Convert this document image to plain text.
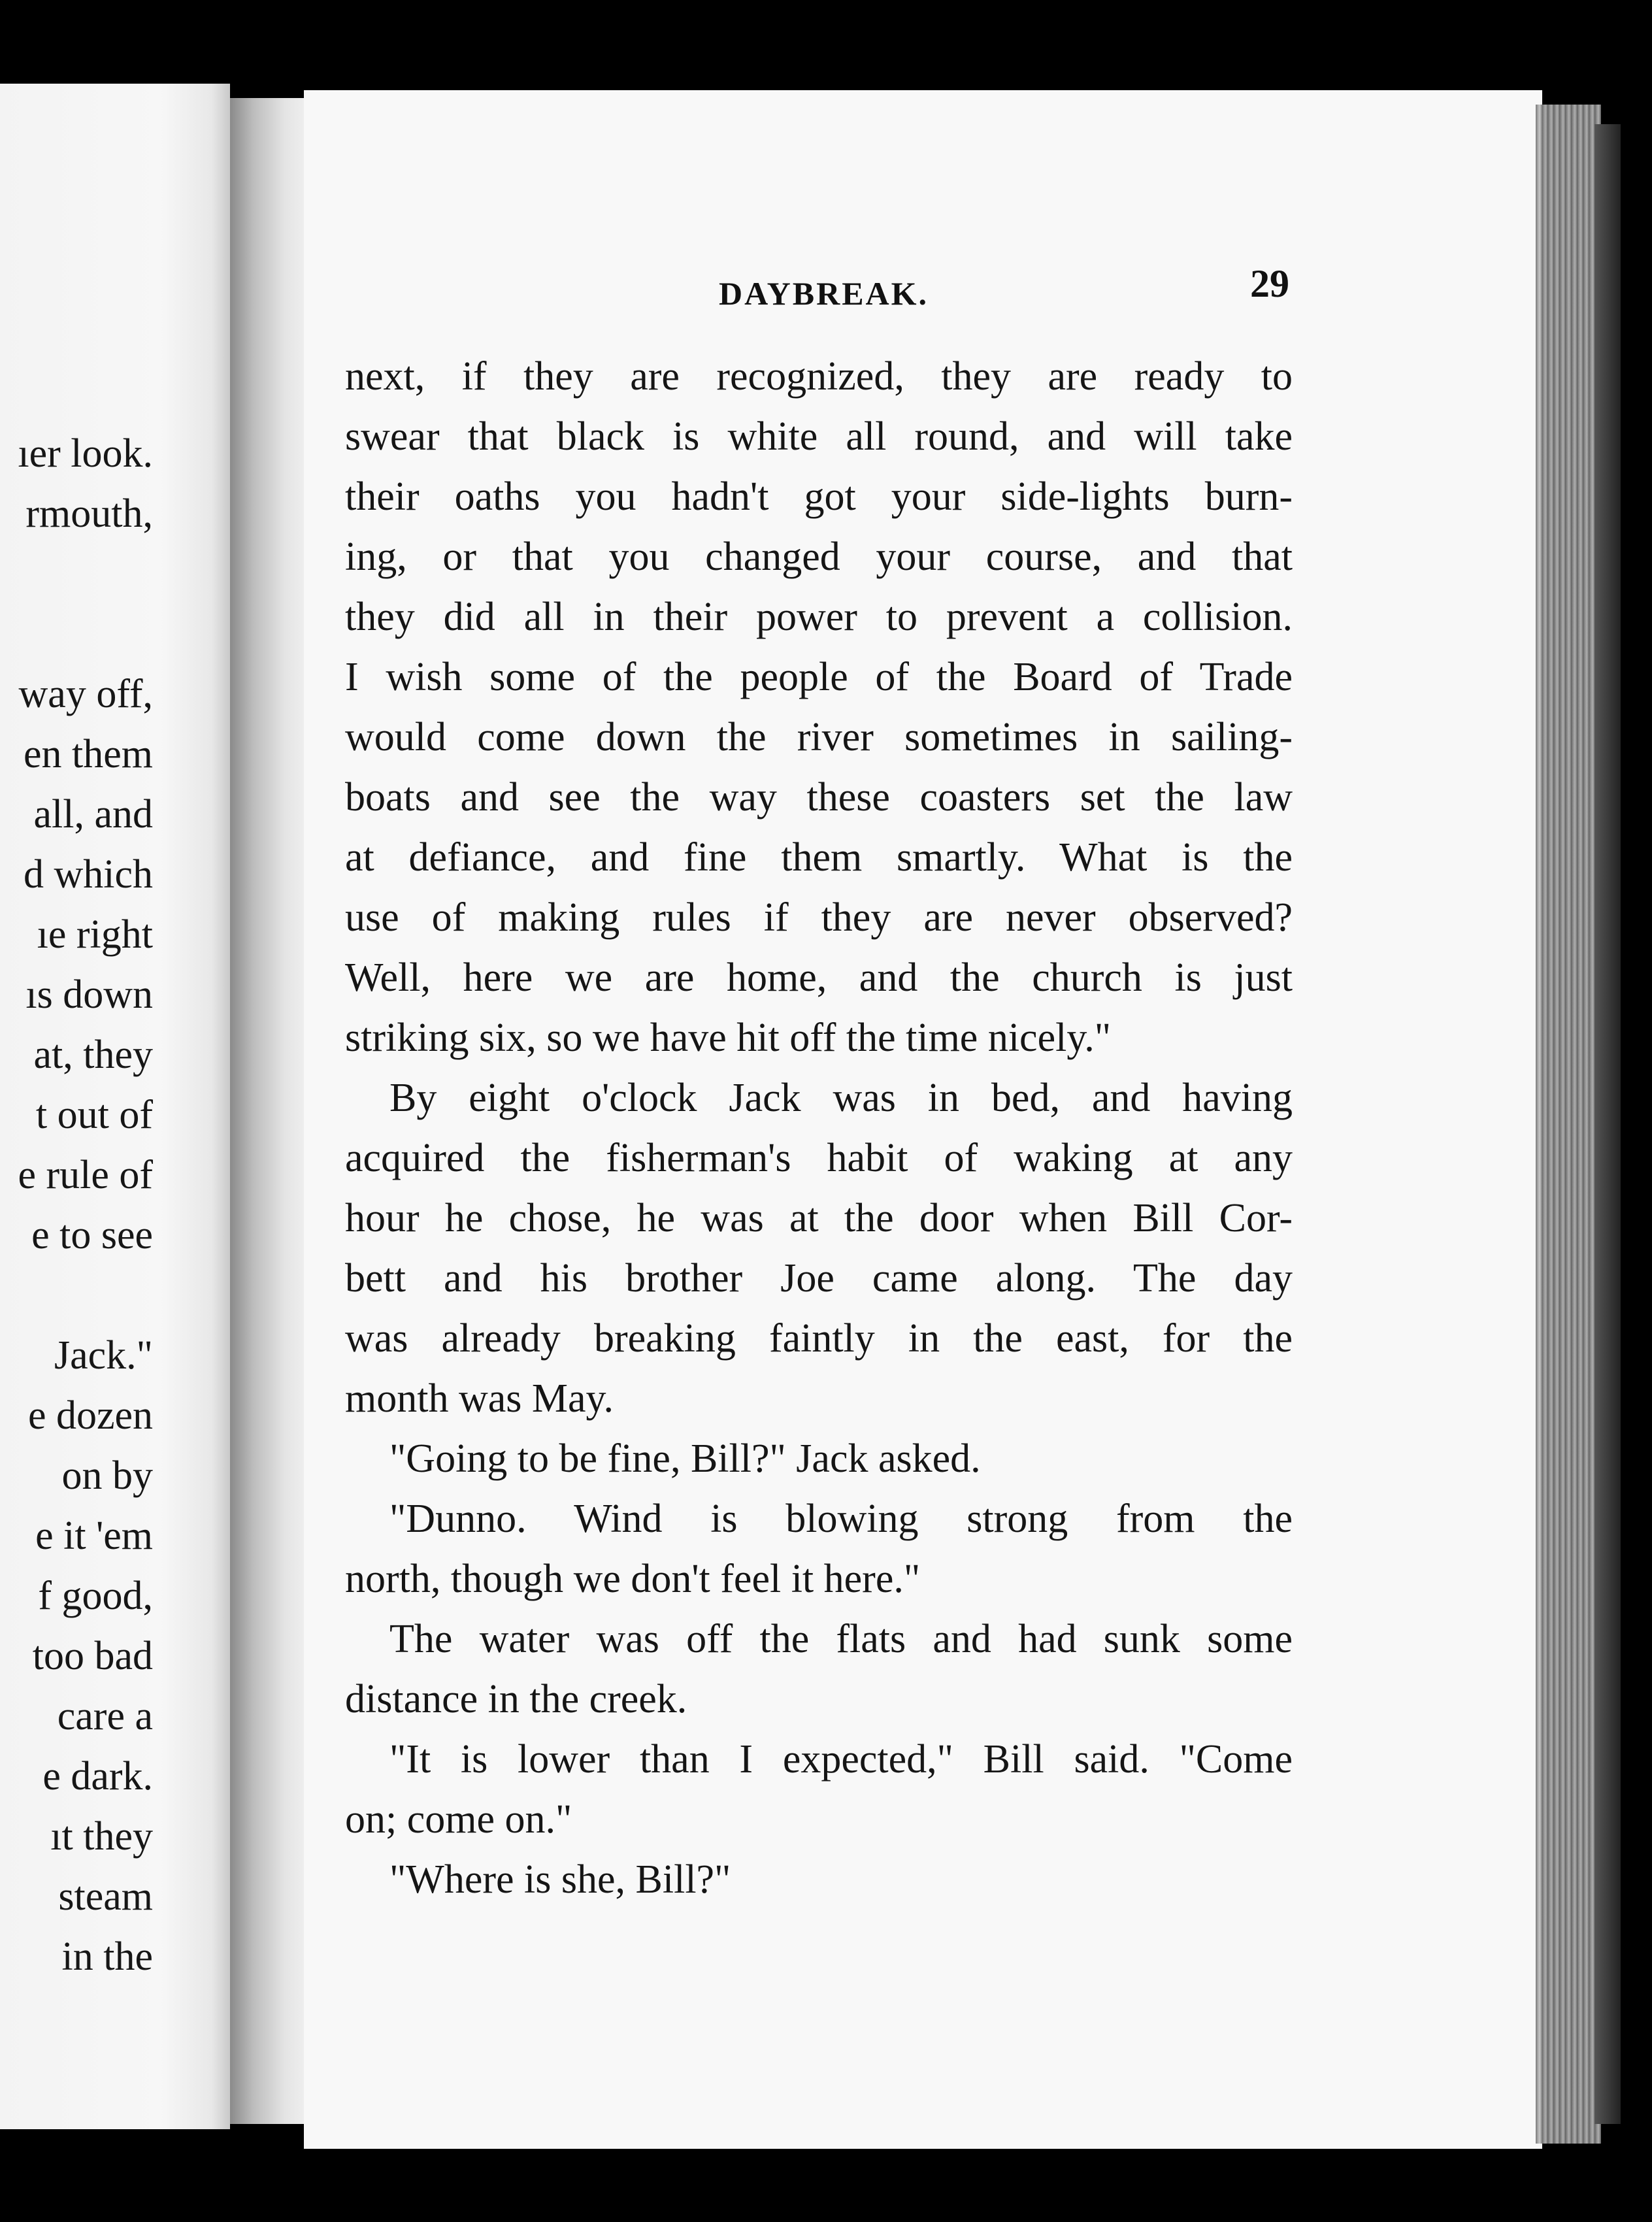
ıer look.
rmouth,
way off,
en them
all, and
d which
ıe right
ıs down
at, they
t out of
e rule of
e to see
Jack."
e dozen
on by
e it 'em
f good,
too bad
care a
e dark.
ıt they
steam
in the
DAYBREAK.	29
next, if they are recognized, they are ready to
swear that black is white all round, and will take
their oaths you hadn't got your side-lights burn-
ing, or that you changed your course, and that
they did all in their power to prevent a collision.
I wish some of the people of the Board of Trade
would come down the river sometimes in sailing-
boats and see the way these coasters set the law
at defiance, and fine them smartly. What is the
use of making rules if they are never observed?
Well, here we are home, and the church is just
striking six, so we have hit off the time nicely."
By eight o'clock Jack was in bed, and having
acquired the fisherman's habit of waking at any
hour he chose, he was at the door when Bill Cor-
bett and his brother Joe came along. The day
was already breaking faintly in the east, for the
month was May.
"Going to be fine, Bill?" Jack asked.
"Dunno. Wind is blowing strong from the
north, though we don't feel it here."
The water was off the flats and had sunk some
distance in the creek.
"It is lower than I expected," Bill said. "Come
on; come on."
"Where is she, Bill?"
